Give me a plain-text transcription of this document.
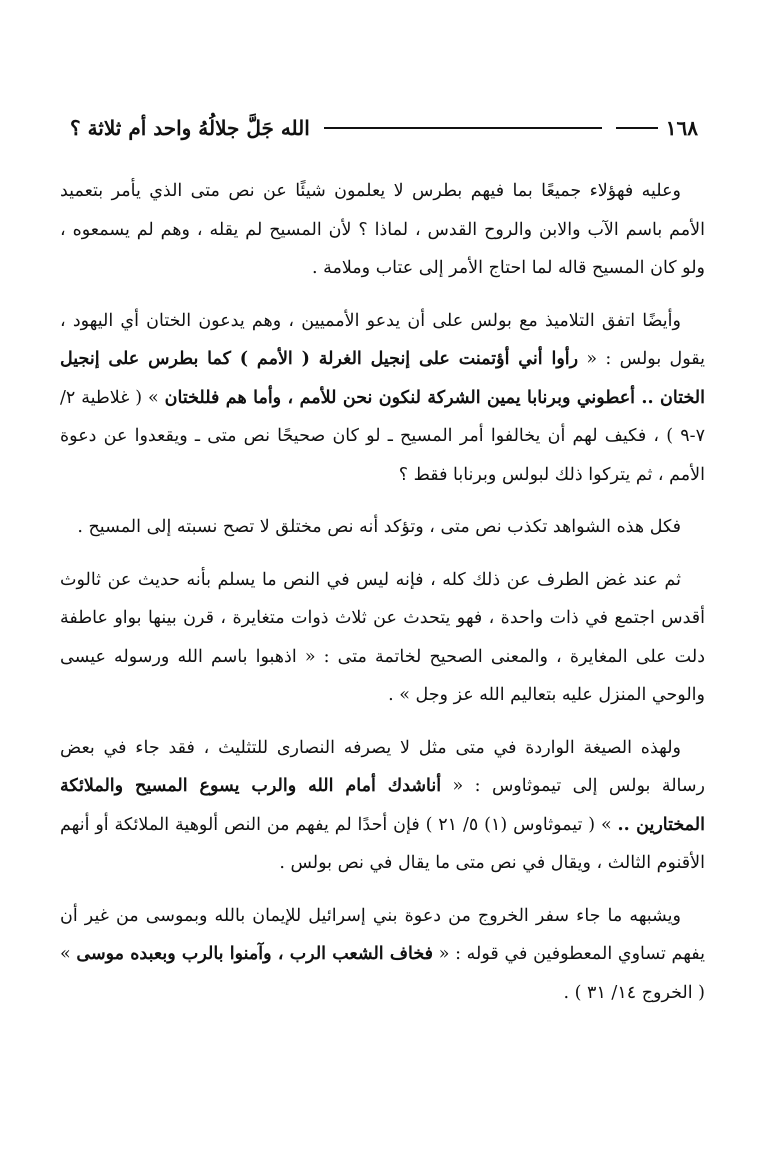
١٦٨
الله جَلَّ جلالُهُ واحد أم ثلاثة ؟

وعليه فهؤلاء جميعًا بما فيهم بطرس لا يعلمون شيئًا عن نص متى الذي يأمر بتعميد الأمم باسم الآب والابن والروح القدس ، لماذا ؟ لأن المسيح لم يقله ، وهم لم يسمعوه ، ولو كان المسيح قاله لما احتاج الأمر إلى عتاب وملامة .

وأيضًا اتفق التلاميذ مع بولس على أن يدعو الأمميين ، وهم يدعون الختان أي اليهود ، يقول بولس : « رأوا أني أؤتمنت على إنجيل الغرلة ( الأمم ) كما بطرس على إنجيل الختان .. أعطوني وبرنابا يمين الشركة لنكون نحن للأمم ، وأما هم فللختان » ( غلاطية ٢/ ٧-٩ ) ، فكيف لهم أن يخالفوا أمر المسيح ـ لو كان صحيحًا نص متى ـ ويقعدوا عن دعوة الأمم ، ثم يتركوا ذلك لبولس وبرنابا فقط ؟

فكل هذه الشواهد تكذب نص متى ، وتؤكد أنه نص مختلق لا تصح نسبته إلى المسيح .

ثم عند غض الطرف عن ذلك كله ، فإنه ليس في النص ما يسلم بأنه حديث عن ثالوث أقدس اجتمع في ذات واحدة ، فهو يتحدث عن ثلاث ذوات متغايرة ، قرن بينها بواو عاطفة دلت على المغايرة ، والمعنى الصحيح لخاتمة متى : « اذهبوا باسم الله ورسوله عيسى والوحي المنزل عليه بتعاليم الله عز وجل » .

ولهذه الصيغة الواردة في متى مثل لا يصرفه النصارى للتثليث ، فقد جاء في بعض رسالة بولس إلى تيموثاوس : « أناشدك أمام الله والرب يسوع المسيح والملائكة المختارين .. » ( تيموثاوس (١) ٥/ ٢١ ) فإن أحدًا لم يفهم من النص ألوهية الملائكة أو أنهم الأقنوم الثالث ، ويقال في نص متى ما يقال في نص بولس .

ويشبهه ما جاء سفر الخروج من دعوة بني إسرائيل للإيمان بالله وبموسى من غير أن يفهم تساوي المعطوفين في قوله : « فخاف الشعب الرب ، وآمنوا بالرب وبعبده موسى » ( الخروج ١٤/ ٣١ ) .
